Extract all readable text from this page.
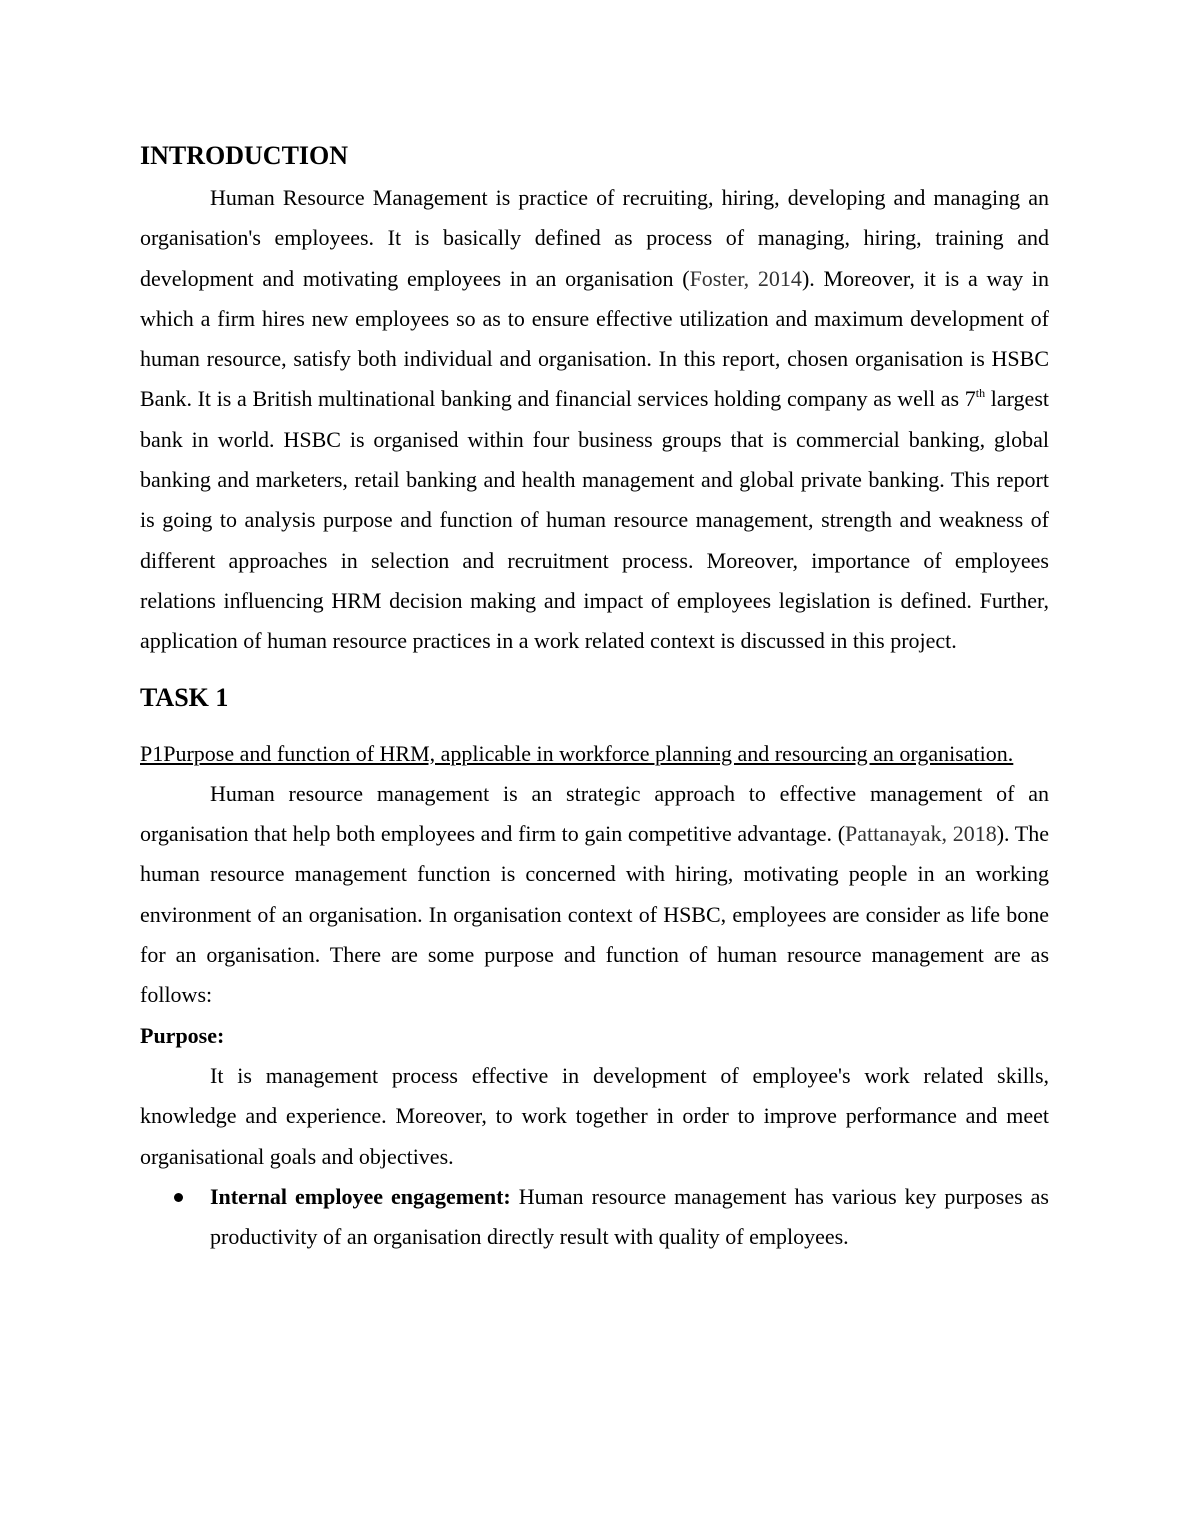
INTRODUCTION

Human Resource Management is practice of recruiting, hiring, developing and managing an organisation's employees. It is basically defined as process of managing, hiring, training and development and motivating employees in an organisation (Foster, 2014). Moreover, it is a way in which a firm hires new employees so as to ensure effective utilization and maximum development of human resource, satisfy both individual and organisation. In this report, chosen organisation is HSBC Bank. It is a British multinational banking and financial services holding company as well as 7th largest bank in world. HSBC is organised within four business groups that is commercial banking, global banking and marketers, retail banking and health management and global private banking. This report is going to analysis purpose and function of human resource management, strength and weakness of different approaches in selection and recruitment process. Moreover, importance of employees relations influencing HRM decision making and impact of employees legislation is defined. Further, application of human resource practices in a work related context is discussed in this project.

TASK 1

P1Purpose and function of HRM, applicable in workforce planning and resourcing an organisation.

Human resource management is an strategic approach to effective management of an organisation that help both employees and firm to gain competitive advantage. (Pattanayak, 2018). The human resource management function is concerned with hiring, motivating people in an working environment of an organisation. In organisation context of HSBC, employees are consider as life bone for an organisation. There are some purpose and function of human resource management are as follows:

Purpose:

It is management process effective in development of employee's work related skills, knowledge and experience. Moreover, to work together in order to improve performance and meet organisational goals and objectives.

Internal employee engagement: Human resource management has various key purposes as productivity of an organisation directly result with quality of employees.
